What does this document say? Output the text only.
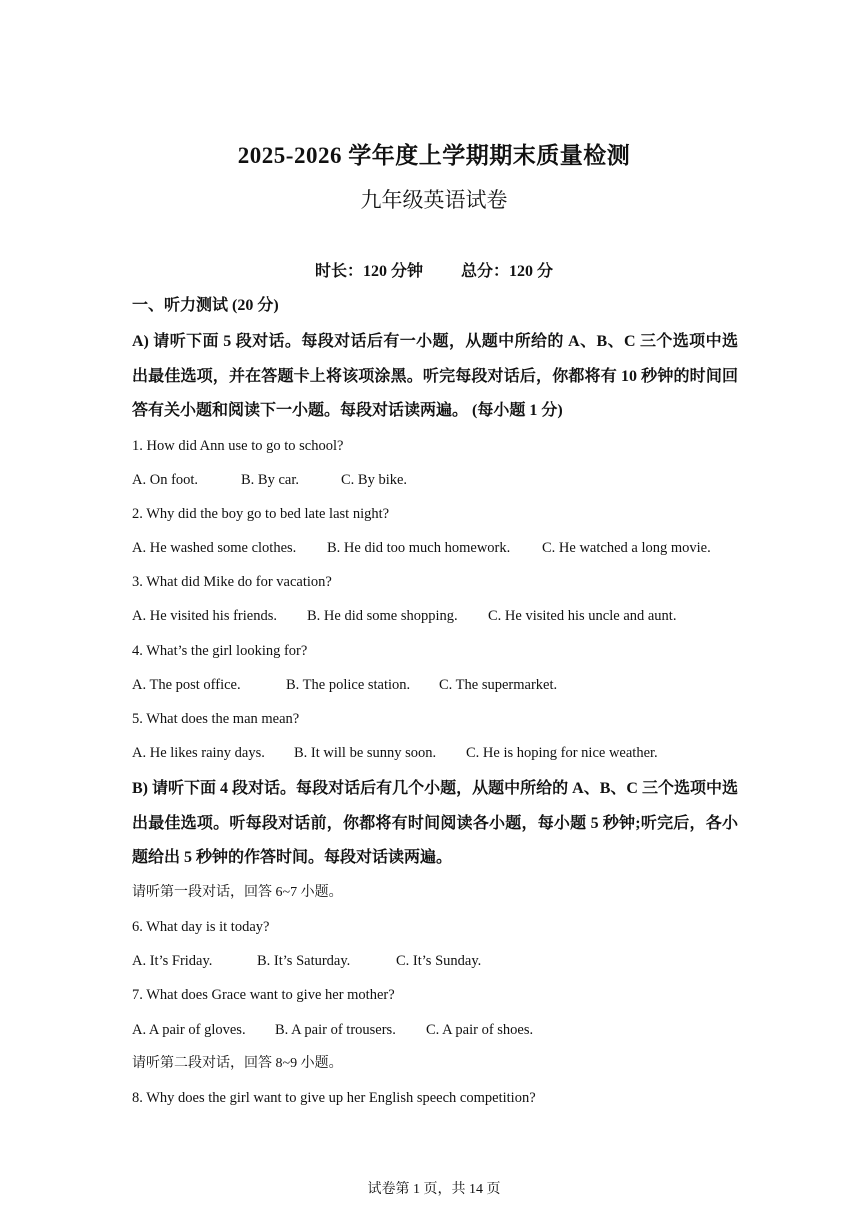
2025-2026 学年度上学期期末质量检测
九年级英语试卷
时长：120 分钟 总分：120 分
一、听力测试 (20 分)

A) 请听下面 5 段对话。每段对话后有一小题，从题中所给的 A、B、C 三个选项中选出最佳选项，并在答题卡上将该项涂黑。听完每段对话后，你都将有 10 秒钟的时间回答有关小题和阅读下一小题。每段对话读两遍。 (每小题 1 分)

1. How did Ann use to go to school?
A. On foot.	B. By car.	C. By bike.
2. Why did the boy go to bed late last night?
A. He washed some clothes. B. He did too much homework. C. He watched a long movie.
3. What did Mike do for vacation?
A. He visited his friends. B. He did some shopping. C. He visited his uncle and aunt.
4. What’s the girl looking for?
A. The post office.	B. The police station. C. The supermarket.
5. What does the man mean?
A. He likes rainy days. B. It will be sunny soon. C. He is hoping for nice weather.

B) 请听下面 4 段对话。每段对话后有几个小题，从题中所给的 A、B、C 三个选项中选出最佳选项。听每段对话前，你都将有时间阅读各小题，每小题 5 秒钟;听完后，各小题给出 5 秒钟的作答时间。每段对话读两遍。

请听第一段对话，回答 6~7 小题。
6. What day is it today?
A. It’s Friday.	B. It’s Saturday.	C. It’s Sunday.
7. What does Grace want to give her mother?
A. A pair of gloves. B. A pair of trousers. C. A pair of shoes.
请听第二段对话，回答 8~9 小题。
8. Why does the girl want to give up her English speech competition?
试卷第 1 页，共 14 页
